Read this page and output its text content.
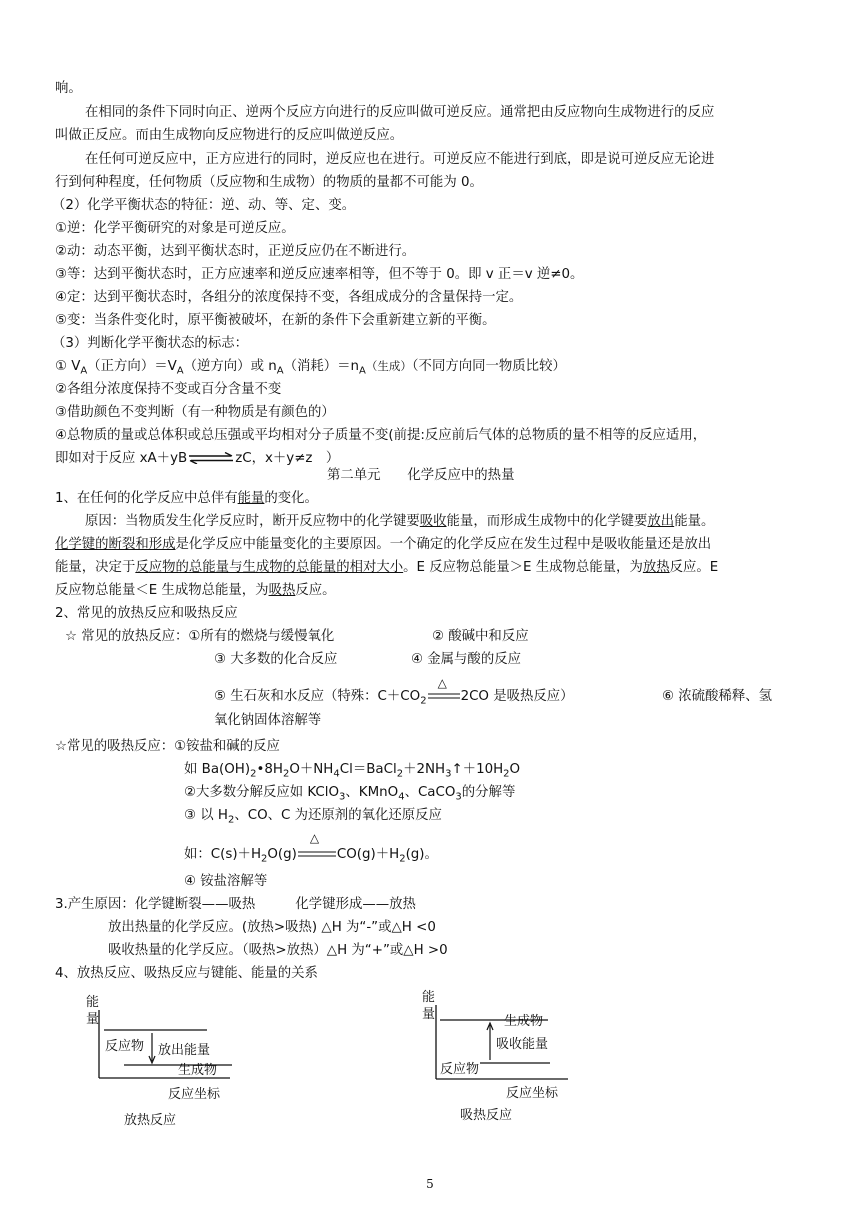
响。
在相同的条件下同时向正、逆两个反应方向进行的反应叫做可逆反应。通常把由反应物向生成物进行的反应
叫做正反应。而由生成物向反应物进行的反应叫做逆反应。
在任何可逆反应中，正方应进行的同时，逆反应也在进行。可逆反应不能进行到底，即是说可逆反应无论进
行到何种程度，任何物质（反应物和生成物）的物质的量都不可能为 0。
（2）化学平衡状态的特征：逆、动、等、定、变。
①逆：化学平衡研究的对象是可逆反应。
②动：动态平衡，达到平衡状态时，正逆反应仍在不断进行。
③等：达到平衡状态时，正方应速率和逆反应速率相等，但不等于 0。即 v 正＝v 逆≠0。
④定：达到平衡状态时，各组分的浓度保持不变，各组成成分的含量保持一定。
⑤变：当条件变化时，原平衡被破坏，在新的条件下会重新建立新的平衡。
（3）判断化学平衡状态的标志：
① $V_A$（正方向）$=V_A$（逆方向）或 $n_A$（消耗）$=n_A$（生成）（不同方向同一物质比较）
②各组分浓度保持不变或百分含量不变
③借助颜色不变判断（有一种物质是有颜色的）
④总物质的量或总体积或总压强或平均相对分子质量不变(前提:反应前后气体的总物质的量不相等的反应适用，
即如对于反应 xA＋yB⇌zC，x＋y≠z　）
第二单元　　化学反应中的热量
1、在任何的化学反应中总伴有能量的变化。
原因：当物质发生化学反应时，断开反应物中的化学键要吸收能量，而形成生成物中的化学键要放出能量。
化学键的断裂和形成是化学反应中能量变化的主要原因。一个确定的化学反应在发生过程中是吸收能量还是放出
能量，决定于反应物的总能量与生成物的总能量的相对大小。E 反应物总能量＞E 生成物总能量，为放热反应。E
反应物总能量＜E 生成物总能量，为吸热反应。
2、常见的放热反应和吸热反应
☆ 常见的放热反应：①所有的燃烧与缓慢氧化	② 酸碱中和反应
③ 大多数的化合反应	④ 金属与酸的反应
⑤ 生石灰和水反应（特殊：$C+CO_2$
△
2CO 是吸热反应）	⑥ 浓硫酸稀释、氢
氧化钠固体溶解等
☆常见的吸热反应：①铵盐和碱的反应
如 $Ba(OH)_2•8H_2O+NH_4Cl=BaCl_2+2NH_3↑+10H_2O$
②大多数分解反应如 KClO$_3$、KMnO$_4$、CaCO$_3$的分解等
③ 以 $H_2$、CO、C 为还原剂的氧化还原反应
如：$C(s)+H_2O(g)$
△
$CO(g)+H_2(g)$。
④ 铵盐溶解等
3.产生原因：化学键断裂——吸热　　　化学键形成——放热
放出热量的化学反应。(放热>吸热) △H 为“-”或△H <0
吸收热量的化学反应。（吸热>放热）△H 为“+”或△H >0
4、放热反应、吸热反应与键能、能量的关系
能
量
反应物 放出能量
生成物
反应坐标
放热反应
能
量	生成物
吸收能量
反应物
反应坐标
吸热反应
5
